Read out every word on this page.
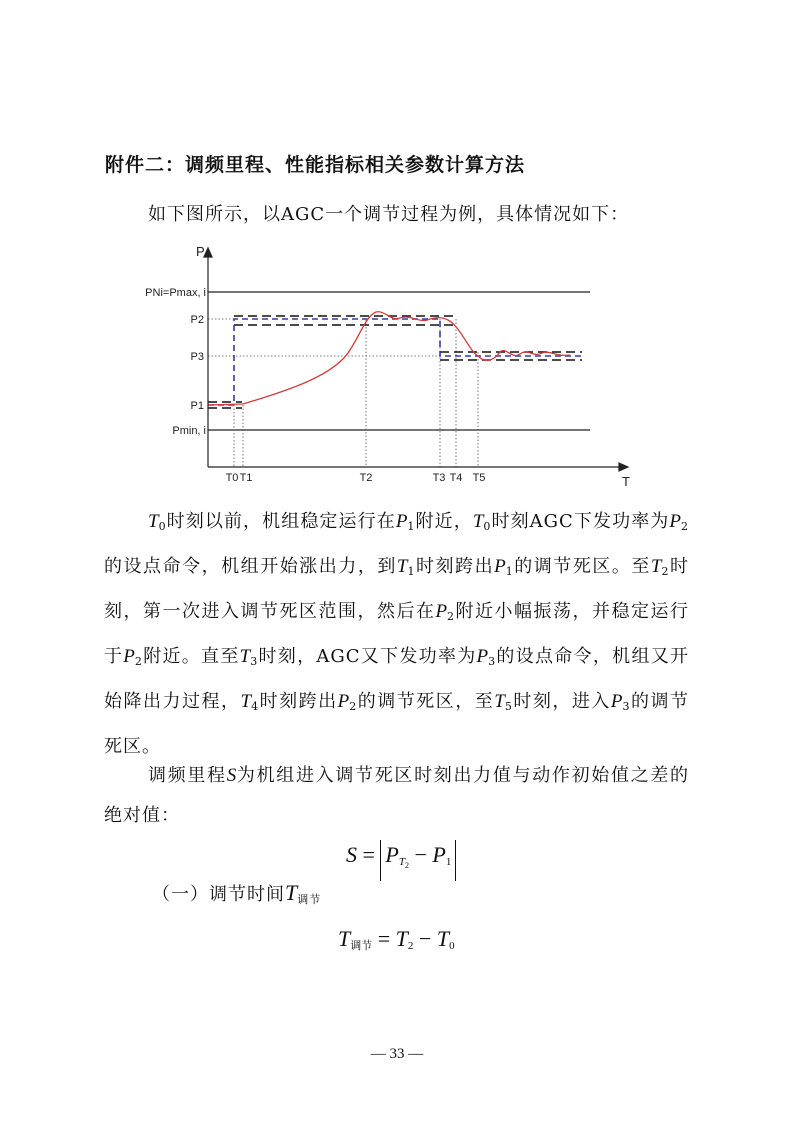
附件二：调频里程、性能指标相关参数计算方法
如下图所示，以AGC一个调节过程为例，具体情况如下：
P
T
PNi=Pmax, i
P2
P3
P1
Pmin, i
T0 T1	T2	T3 T4 T5

$T_0$时刻以前，机组稳定运行在$P_1$附近，$T_0$时刻AGC下发功率为$P_2$的设点命令，机组开始涨出力，到$T_1$时刻跨出$P_1$的调节死区。至$T_2$时刻，第一次进入调节死区范围，然后在$P_2$附近小幅振荡，并稳定运行于$P_2$附近。直至$T_3$时刻，AGC又下发功率为$P_3$的设点命令，机组又开始降出力过程，$T_4$时刻跨出$P_2$的调节死区，至$T_5$时刻，进入$P_3$的调节死区。

调频里程S为机组进入调节死区时刻出力值与动作初始值之差的绝对值：

$S = P_{T_2} - P_1$
（一）调节时间$T_{调节}$
$T_{调节} = T_2 - T_0$
— 33 —
